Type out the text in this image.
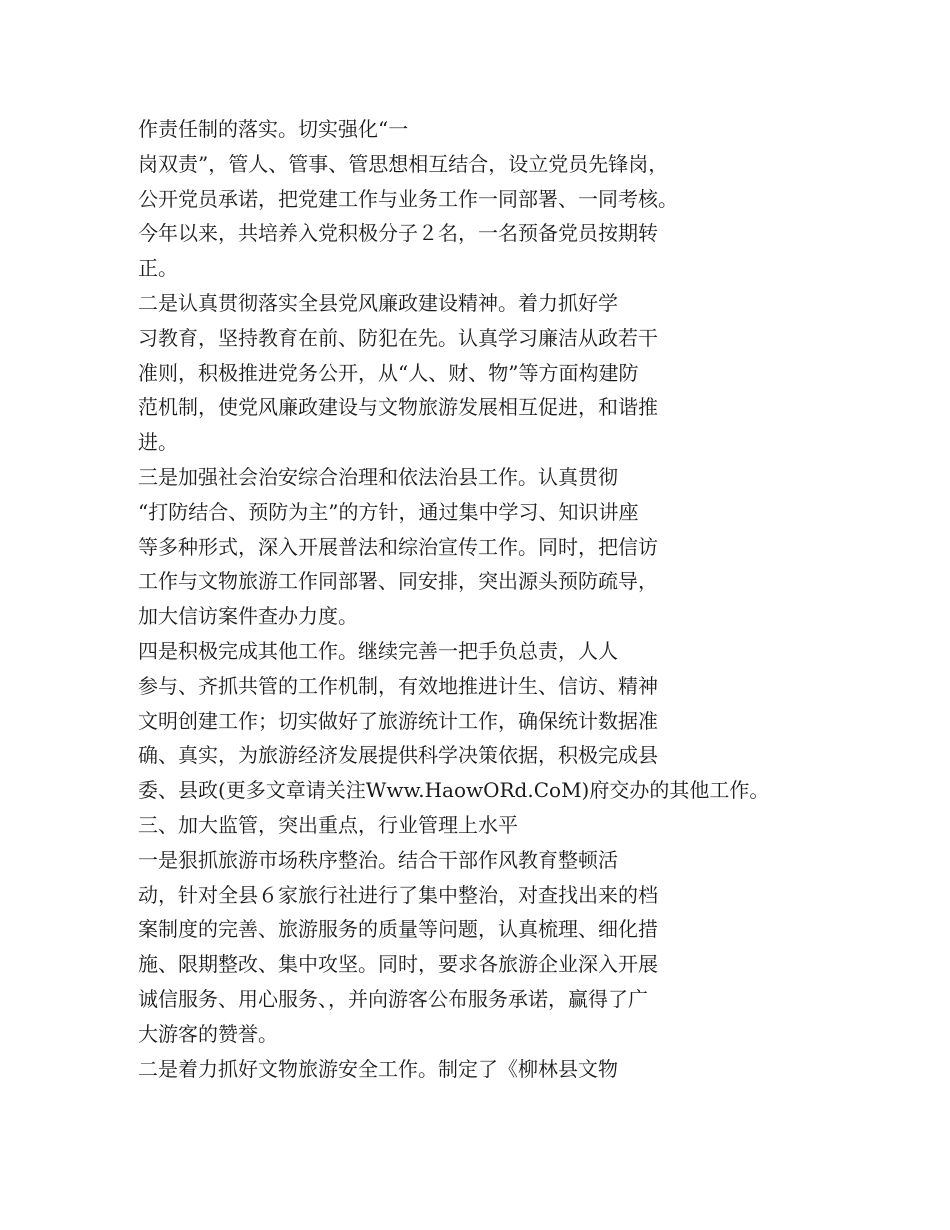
作责任制的落实。切实强化“一
岗双责”，管人、管事、管思想相互结合，设立党员先锋岗，
公开党员承诺，把党建工作与业务工作一同部署、一同考核。
今年以来，共培养入党积极分子２名，一名预备党员按期转
正。
二是认真贯彻落实全县党风廉政建设精神。着力抓好学
习教育，坚持教育在前、防犯在先。认真学习廉洁从政若干
准则，积极推进党务公开，从“人、财、物”等方面构建防
范机制，使党风廉政建设与文物旅游发展相互促进，和谐推
进。
三是加强社会治安综合治理和依法治县工作。认真贯彻
“打防结合、预防为主”的方针，通过集中学习、知识讲座
等多种形式，深入开展普法和综治宣传工作。同时，把信访
工作与文物旅游工作同部署、同安排，突出源头预防疏导，
加大信访案件查办力度。
四是积极完成其他工作。继续完善一把手负总责，人人
参与、齐抓共管的工作机制，有效地推进计生、信访、精神
文明创建工作；切实做好了旅游统计工作，确保统计数据准
确、真实，为旅游经济发展提供科学决策依据，积极完成县
委、县政(更多文章请关注Www.HaowORd.CoM)府交办的其他工作。
三、加大监管，突出重点，行业管理上水平
一是狠抓旅游市场秩序整治。结合干部作风教育整顿活
动，针对全县６家旅行社进行了集中整治，对查找出来的档
案制度的完善、旅游服务的质量等问题，认真梳理、细化措
施、限期整改、集中攻坚。同时，要求各旅游企业深入开展
诚信服务、用心服务、，并向游客公布服务承诺，赢得了广
大游客的赞誉。
二是着力抓好文物旅游安全工作。制定了《柳林县文物
